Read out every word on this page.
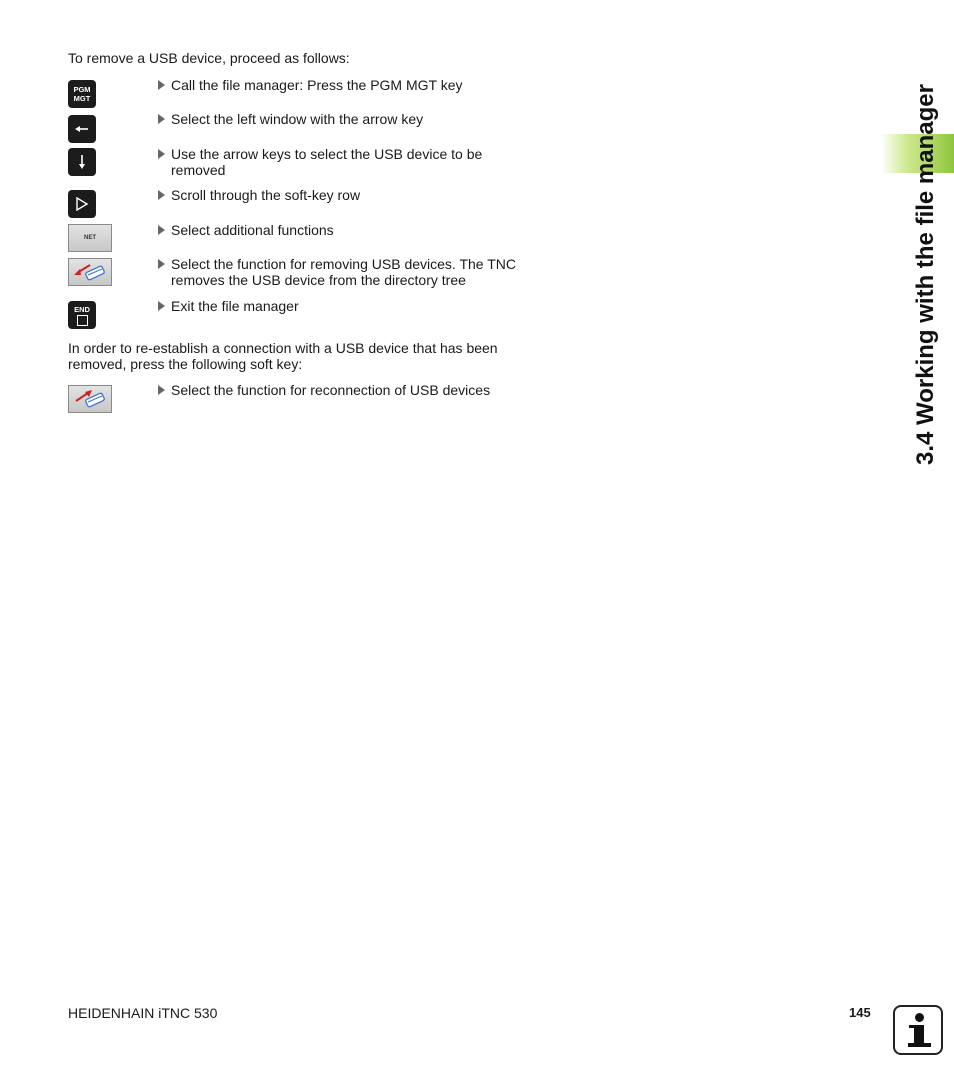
3.4 Working with the file manager
To remove a USB device, proceed as follows:
PGM MGT
Call the file manager: Press the PGM MGT key
Select the left window with the arrow key
Use the arrow keys to select the USB device to be removed
Scroll through the soft-key row
NET	Select additional functions
Select the function for removing USB devices. The TNC removes the USB device from the directory tree
END	Exit the file manager
In order to re-establish a connection with a USB device that has been removed, press the following soft key:
Select the function for reconnection of USB devices
HEIDENHAIN iTNC 530	145
